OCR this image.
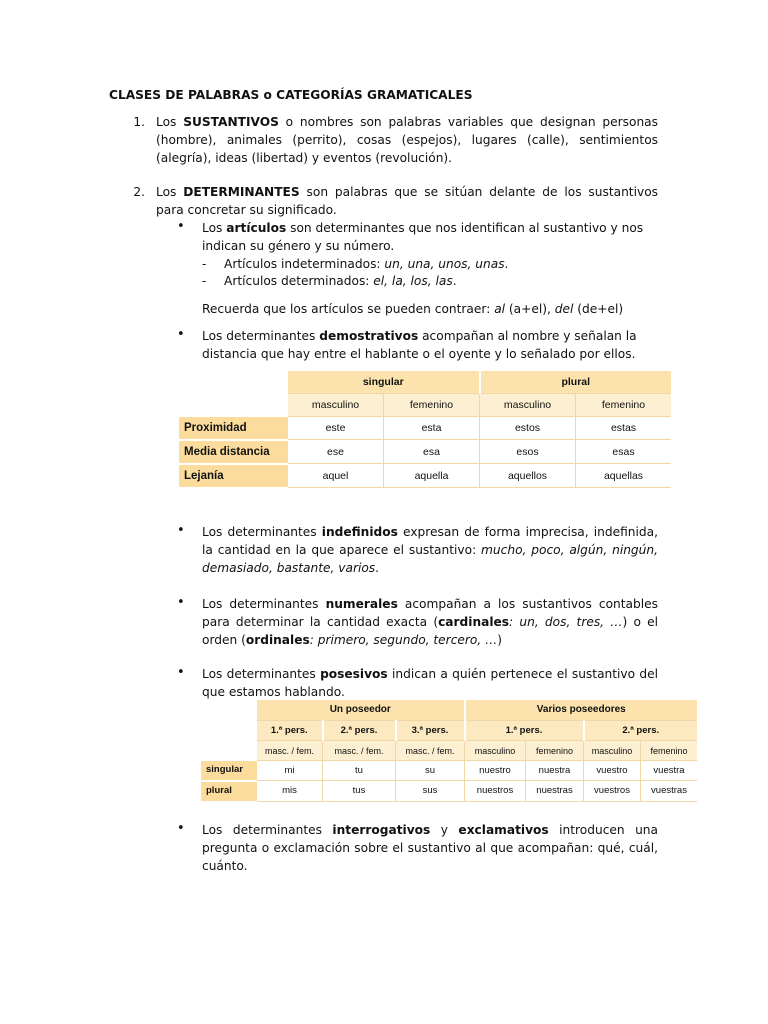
CLASES DE PALABRAS o CATEGORÍAS GRAMATICALES
1. Los SUSTANTIVOS o nombres son palabras variables que designan personas (hombre), animales (perrito), cosas (espejos), lugares (calle), sentimientos (alegría), ideas (libertad) y eventos (revolución).
2. Los DETERMINANTES son palabras que se sitúan delante de los sustantivos para concretar su significado.
• Los artículos son determinantes que nos identifican al sustantivo y nos indican su género y su número.
- Artículos indeterminados: un, una, unos, unas.
- Artículos determinados: el, la, los, las.
Recuerda que los artículos se pueden contraer: al (a+el), del (de+el)
• Los determinantes demostrativos acompañan al nombre y señalan la distancia que hay entre el hablante o el oyente y lo señalado por ellos.
	singular		plural	
	masculino	femenino	masculino	femenino
Proximidad	este	esta	estos	estas
Media distancia	ese	esa	esos	esas
Lejanía	aquel	aquella	aquellos	aquellas
• Los determinantes indefinidos expresan de forma imprecisa, indefinida, la cantidad en la que aparece el sustantivo: mucho, poco, algún, ningún, demasiado, bastante, varios.
• Los determinantes numerales acompañan a los sustantivos contables para determinar la cantidad exacta (cardinales: un, dos, tres, …) o el orden (ordinales: primero, segundo, tercero, …)
• Los determinantes posesivos indican a quién pertenece el sustantivo del que estamos hablando.
	Un poseedor			Varios poseedores			
	1.ª pers.	2.ª pers.	3.ª pers.	1.ª pers.		2.ª pers.	
	masc. / fem.	masc. / fem.	masc. / fem.	masculino	femenino	masculino	femenino
singular	mi	tu	su	nuestro	nuestra	vuestro	vuestra
plural	mis	tus	sus	nuestros	nuestras	vuestros	vuestras
• Los determinantes interrogativos y exclamativos introducen una pregunta o exclamación sobre el sustantivo al que acompañan: qué, cuál, cuánto.
